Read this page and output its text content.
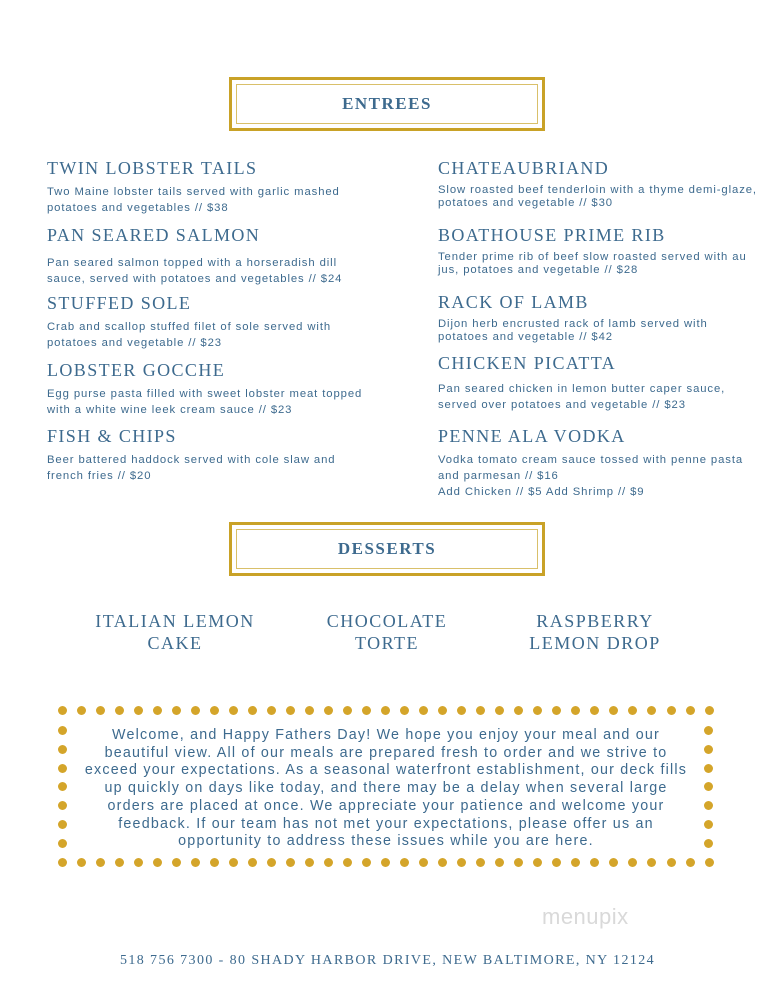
ENTREES
TWIN LOBSTER TAILS
Two Maine lobster tails served with garlic mashed potatoes and vegetables // $38
PAN SEARED SALMON
Pan seared salmon topped with a horseradish dill sauce, served with potatoes and vegetables // $24
STUFFED SOLE
Crab and scallop stuffed filet of sole served with potatoes and vegetable // $23
LOBSTER GOCCHE
Egg purse pasta filled with sweet lobster meat topped with a white wine leek cream sauce // $23
FISH & CHIPS
Beer battered haddock served with cole slaw and french fries // $20
CHATEAUBRIAND
Slow roasted beef tenderloin with a thyme demi-glaze, potatoes and vegetable // $30
BOATHOUSE PRIME RIB
Tender prime rib of beef slow roasted served with au jus, potatoes and vegetable // $28
RACK OF LAMB
Dijon herb encrusted rack of lamb served with potatoes and vegetable // $42
CHICKEN PICATTA
Pan seared chicken in lemon butter caper sauce, served over potatoes and vegetable // $23
PENNE ALA VODKA
Vodka tomato cream sauce tossed with penne pasta and parmesan // $16
Add Chicken // $5 Add Shrimp // $9
DESSERTS
ITALIAN LEMON
CAKE
CHOCOLATE
TORTE
RASPBERRY
LEMON DROP
Welcome, and Happy Fathers Day! We hope you enjoy your meal and our beautiful view. All of our meals are prepared fresh to order and we strive to exceed your expectations. As a seasonal waterfront establishment, our deck fills up quickly on days like today, and there may be a delay when several large orders are placed at once. We appreciate your patience and welcome your feedback. If our team has not met your expectations, please offer us an opportunity to address these issues while you are here.
menupix
518 756 7300 - 80 SHADY HARBOR DRIVE, NEW BALTIMORE, NY 12124
